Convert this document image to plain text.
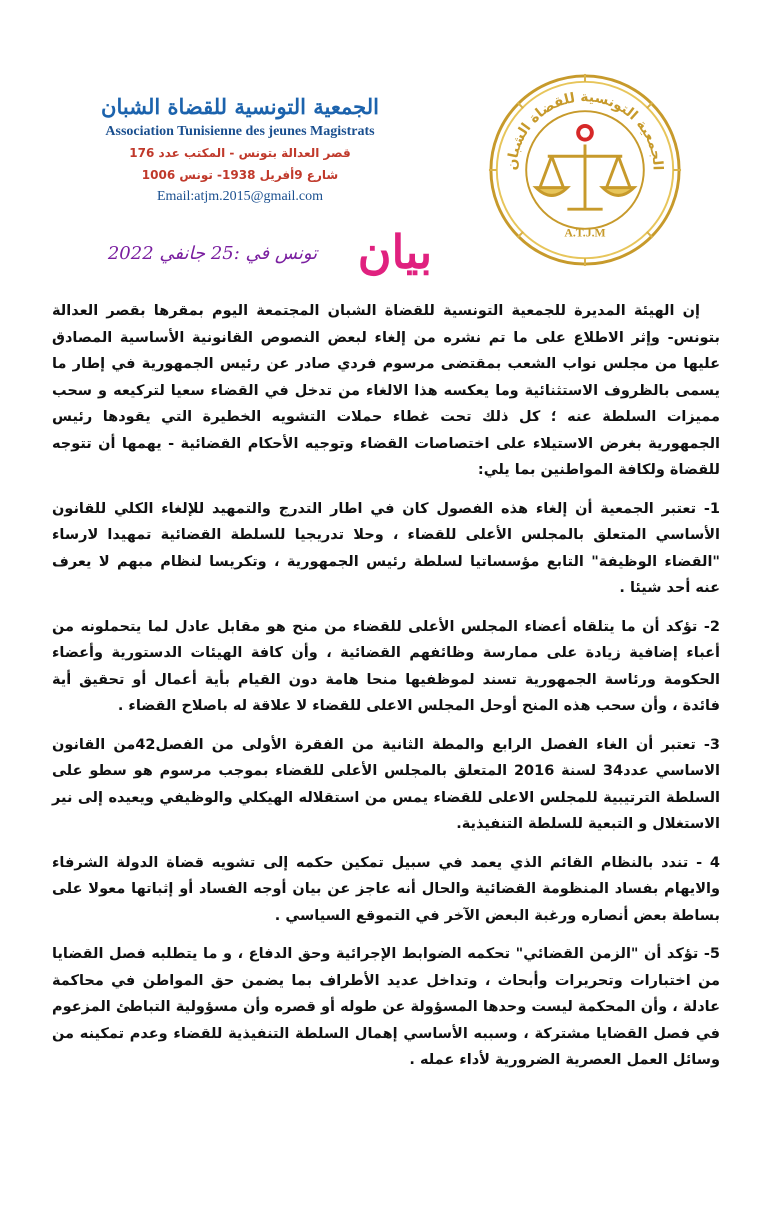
الجمعية التونسية للقضاة الشبان
A.T.J.M
الجمعية التونسية للقضاة الشبان
Association Tunisienne des jeunes Magistrats
قصر العدالة بتونس - المكتب عدد 176
شارع 9أفريل 1938- تونس 1006
Email:atjm.2015@gmail.com
بيان
تونس في :25 جانفي 2022

إن الهيئة المديرة للجمعية التونسية للقضاة الشبان المجتمعة اليوم بمقرها بقصر العدالة بتونس- وإثر الاطلاع على ما تم نشره من إلغاء لبعض النصوص القانونية الأساسية المصادق عليها من مجلس نواب الشعب بمقتضى مرسوم فردي صادر عن رئيس الجمهورية في إطار ما يسمى بالظروف الاستثنائية وما يعكسه هذا الالغاء من تدخل في القضاء سعيا لتركيعه و سحب مميزات السلطة عنه ؛ كل ذلك تحت غطاء حملات التشويه الخطيرة التي يقودها رئيس الجمهورية بغرض الاستيلاء على اختصاصات القضاء وتوجيه الأحكام القضائية - يهمها أن تتوجه للقضاة ولكافة المواطنين بما يلي:

1- تعتبر الجمعية أن إلغاء هذه الفصول كان في اطار التدرج والتمهيد للإلغاء الكلي للقانون الأساسي المتعلق بالمجلس الأعلى للقضاء ، وحلا تدريجيا للسلطة القضائية تمهيدا لارساء "القضاء الوظيفة" التابع مؤسساتيا لسلطة رئيس الجمهورية ، وتكريسا لنظام مبهم لا يعرف عنه أحد شيئا .

2- تؤكد أن ما يتلقاه أعضاء المجلس الأعلى للقضاء من منح هو مقابل عادل لما يتحملونه من أعباء إضافية زيادة على ممارسة وظائفهم القضائية ، وأن كافة الهيئات الدستورية وأعضاء الحكومة ورئاسة الجمهورية تسند لموظفيها منحا هامة دون القيام بأية أعمال أو تحقيق أية فائدة ، وأن سحب هذه المنح أوحل المجلس الاعلى للقضاء لا علاقة له باصلاح القضاء .

3- تعتبر أن الغاء الفصل الرابع والمطة الثانية من الفقرة الأولى من الفصل42من القانون الاساسي عدد34 لسنة 2016 المتعلق بالمجلس الأعلى للقضاء بموجب مرسوم هو سطو على السلطة الترتيبية للمجلس الاعلى للقضاء يمس من استقلاله الهيكلي والوظيفي ويعيده إلى نير الاستغلال و التبعية للسلطة التنفيذية.

4 - تندد بالنظام القائم الذي يعمد في سبيل تمكين حكمه إلى تشويه قضاة الدولة الشرفاء والايهام بفساد المنظومة القضائية والحال أنه عاجز عن بيان أوجه الفساد أو إثباتها معولا على بساطة بعض أنصاره ورغبة البعض الآخر في التموقع السياسي .

5- تؤكد أن "الزمن القضائي" تحكمه الضوابط الإجرائية وحق الدفاع ، و ما يتطلبه فصل القضايا من اختبارات وتحريرات وأبحاث ، وتداخل عديد الأطراف بما يضمن حق المواطن في محاكمة عادلة ، وأن المحكمة ليست وحدها المسؤولة عن طوله أو قصره وأن مسؤولية التباطئ المزعوم في فصل القضايا مشتركة ، وسببه الأساسي إهمال السلطة التنفيذية للقضاء وعدم تمكينه من وسائل العمل العصرية الضرورية لأداء عمله .
